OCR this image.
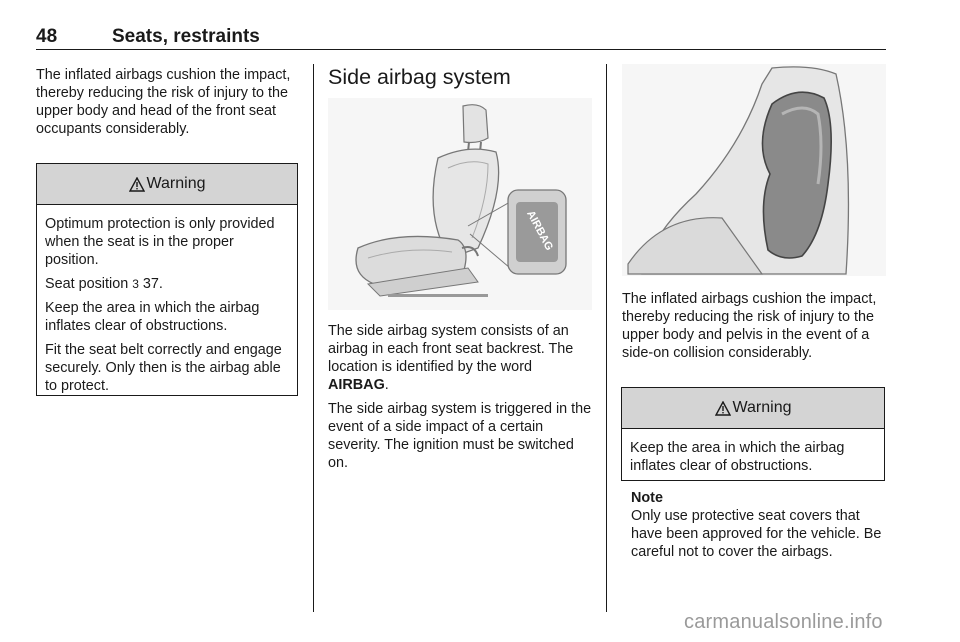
48	Seats, restraints

The inflated airbags cushion the impact, thereby reducing the risk of injury to the upper body and head of the front seat occupants considerably.

Warning

Optimum protection is only provided when the seat is in the proper position.

Seat position 3 37.

Keep the area in which the airbag inflates clear of obstructions.

Fit the seat belt correctly and engage securely. Only then is the airbag able to protect.

Side airbag system
AIRBAG

The side airbag system consists of an airbag in each front seat backrest. The location is identified by the word AIRBAG.

The side airbag system is triggered in the event of a side impact of a certain severity. The ignition must be switched on.

The inflated airbags cushion the impact, thereby reducing the risk of injury to the upper body and pelvis in the event of a side-on collision considerably.

Warning

Keep the area in which the airbag inflates clear of obstructions.

Note
Only use protective seat covers that have been approved for the vehicle. Be careful not to cover the airbags.
carmanualsonline.info
